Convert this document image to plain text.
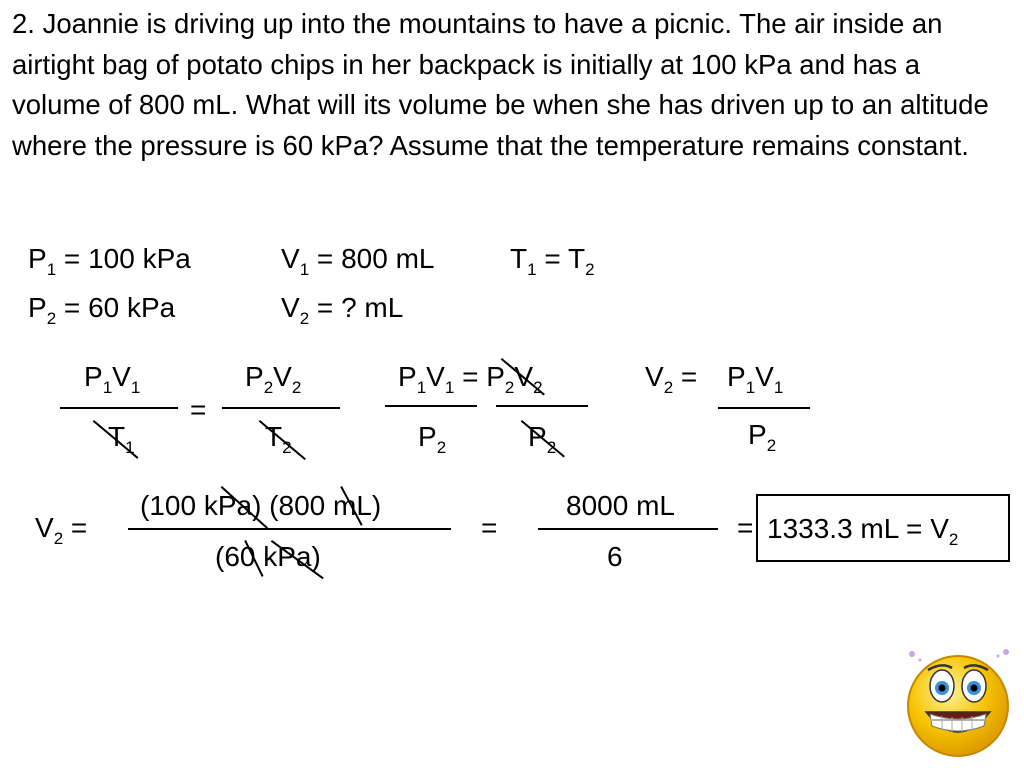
2. Joannie is driving up into the mountains to have a picnic. The air inside an airtight bag of potato chips in her backpack is initially at 100 kPa and has a volume of 800 mL. What will its volume be when she has driven up to an altitude where the pressure is 60 kPa? Assume that the temperature remains constant.
$P_1 = 100$ kPa	$V_1 = 800$ mL	$T_1 = T_2$
$P_2 = 60$ kPa	$V_2$ = ? mL
$P_1V_1$
$T_1$
=
$P_2V_2$
$T_2$
$P_1V_1 = P_2V_2$
$P_2$	$P_2$
$V_2 = P_1V_1$
$P_2$
$V_2$ =
(100 kPa) (800 mL)
(60 kPa)
=
8000 mL
6
= 1333.3 mL = $V_2$
